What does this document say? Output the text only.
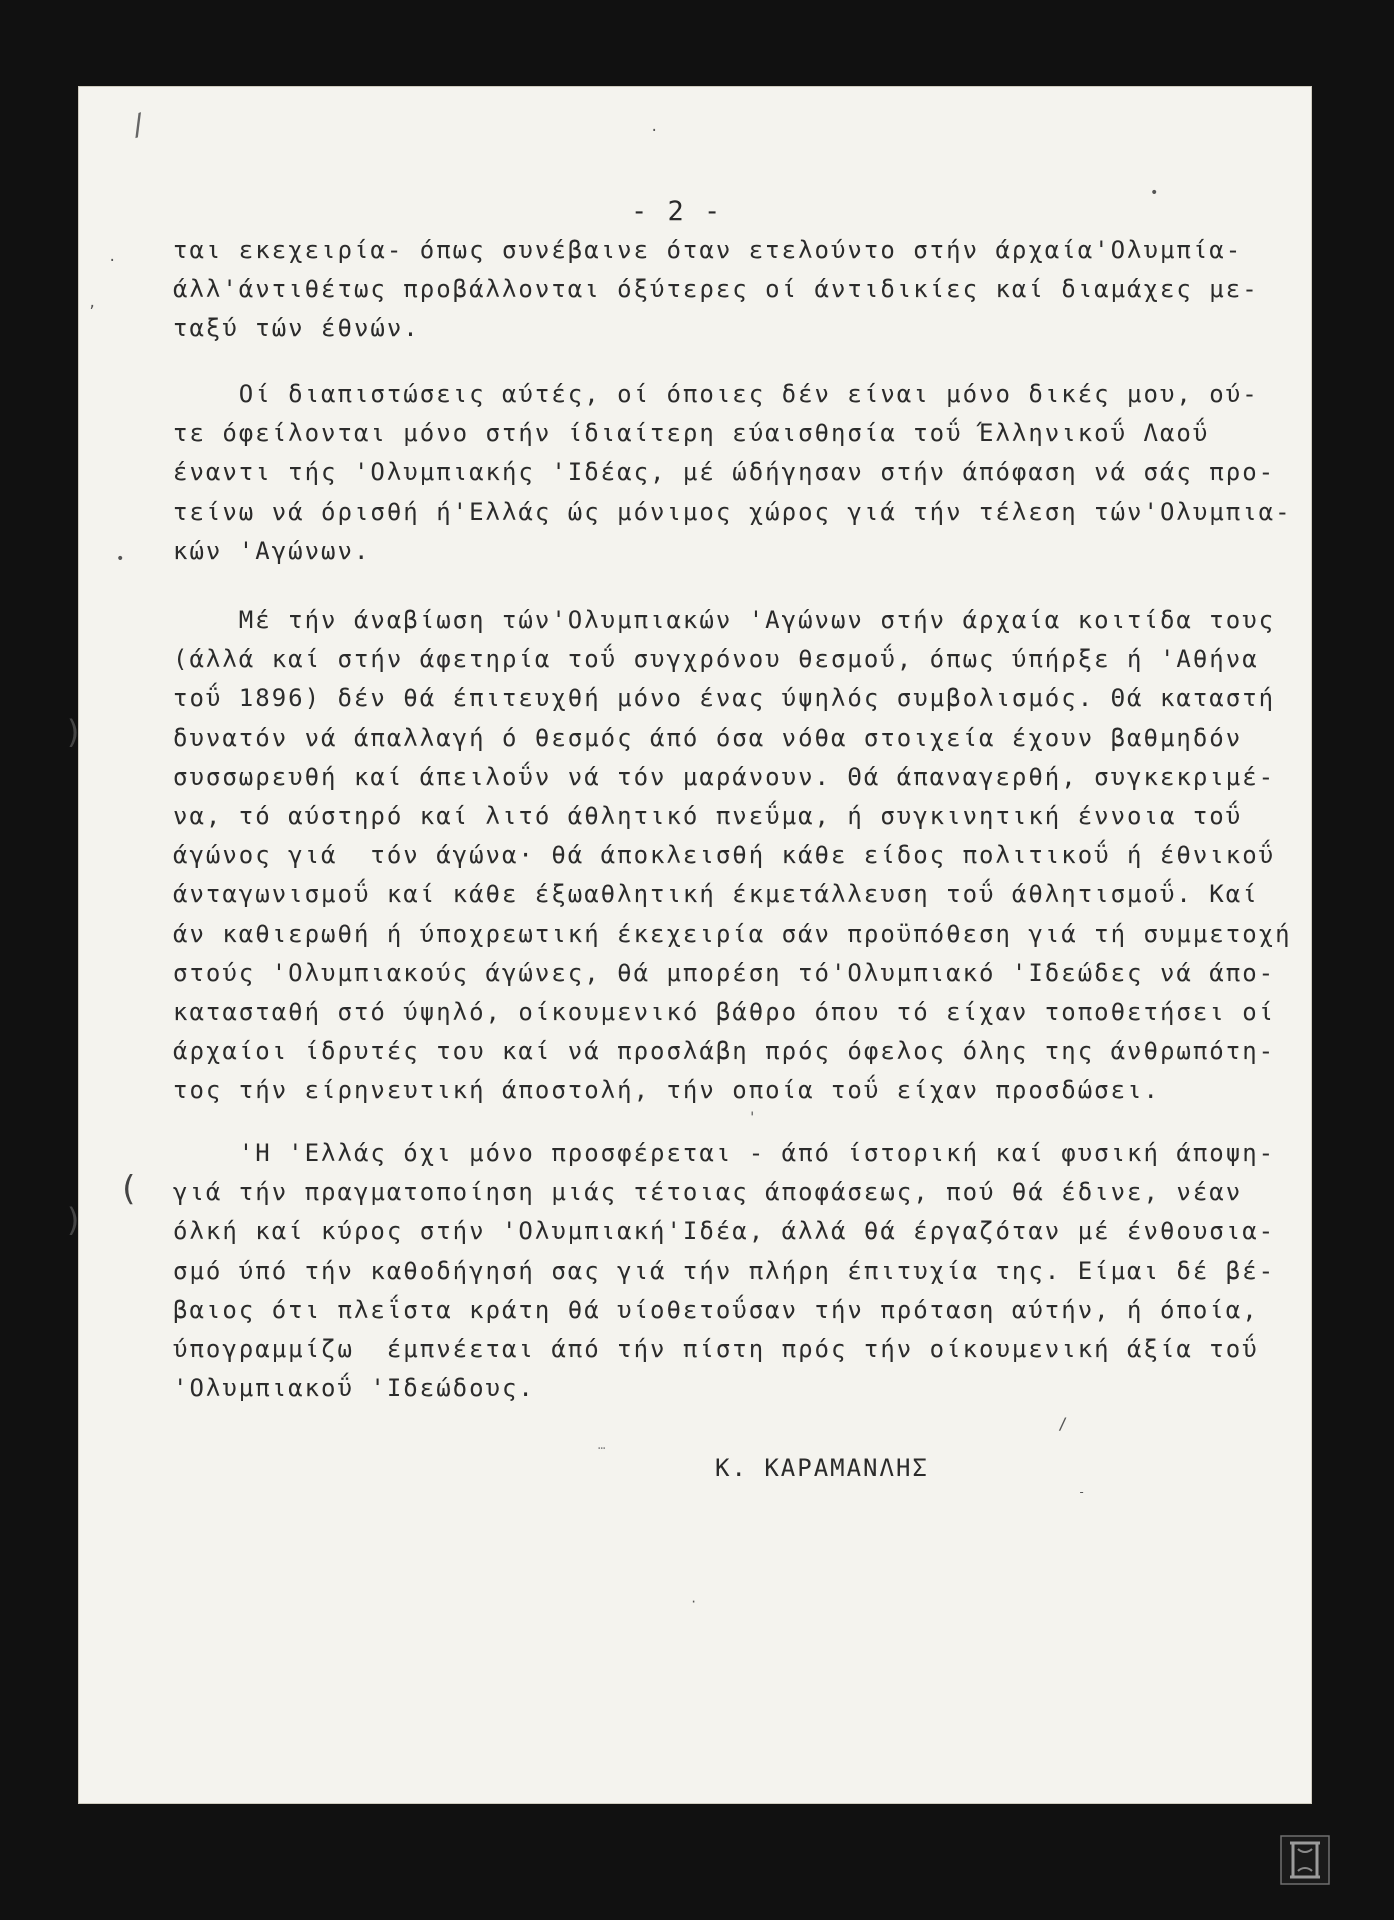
∕	·
•
·
,
•
)
)
(
'
-
/
·
⋯
- 2 -
ται εκεχειρία- όπως συνέβαινε όταν ετελούντο στήν άρχαία'Ολυμπία-
άλλ'άντιθέτως προβάλλονται όξύτερες οί άντιδικίες καί διαμάχες με-
ταξύ τών έθνών.
Οί διαπιστώσεις αύτές, οί όποιες δέν είναι μόνο δικές μου, ού-
τε όφείλονται μόνο στήν ίδιαίτερη εύαισθησία τοΰ Έλληνικοΰ Λαοΰ
έναντι τής 'Ολυμπιακής 'Ιδέας, μέ ώδήγησαν στήν άπόφαση νά σάς προ-
τείνω νά όρισθή ή'Ελλάς ώς μόνιμος χώρος γιά τήν τέλεση τών'Ολυμπια-
κών 'Αγώνων.
Μέ τήν άναβίωση τών'Ολυμπιακών 'Αγώνων στήν άρχαία κοιτίδα τους
(άλλά καί στήν άφετηρία τοΰ συγχρόνου θεσμοΰ, όπως ύπήρξε ή 'Αθήνα
τοΰ 1896) δέν θά έπιτευχθή μόνο ένας ύψηλός συμβολισμός. Θά καταστή
δυνατόν νά άπαλλαγή ό θεσμός άπό όσα νόθα στοιχεία έχουν βαθμηδόν
συσσωρευθή καί άπειλοΰν νά τόν μαράνουν. Θά άπαναγερθή, συγκεκριμέ-
να, τό αύστηρό καί λιτό άθλητικό πνεΰμα, ή συγκινητική έννοια τοΰ
άγώνος γιά  τόν άγώνα· θά άποκλεισθή κάθε είδος πολιτικοΰ ή έθνικοΰ
άνταγωνισμοΰ καί κάθε έξωαθλητική έκμετάλλευση τοΰ άθλητισμοΰ. Καί
άν καθιερωθή ή ύποχρεωτική έκεχειρία σάν προϋπόθεση γιά τή συμμετοχή
στούς 'Ολυμπιακούς άγώνες, θά μπορέση τό'Ολυμπιακό 'Ιδεώδες νά άπο-
κατασταθή στό ύψηλό, οίκουμενικό βάθρο όπου τό είχαν τοποθετήσει οί
άρχαίοι ίδρυτές του καί νά προσλάβη πρός όφελος όλης της άνθρωπότη-
τος τήν είρηνευτική άποστολή, τήν οποία τοΰ είχαν προσδώσει.
'Η 'Ελλάς όχι μόνο προσφέρεται - άπό ίστορική καί φυσική άποψη-
γιά τήν πραγματοποίηση μιάς τέτοιας άποφάσεως, πού θά έδινε, νέαν
όλκή καί κύρος στήν 'Ολυμπιακή'Ιδέα, άλλά θά έργαζόταν μέ ένθουσια-
σμό ύπό τήν καθοδήγησή σας γιά τήν πλήρη έπιτυχία της. Είμαι δέ βέ-
βαιος ότι πλεΐστα κράτη θά υίοθετοΰσαν τήν πρόταση αύτήν, ή όποία,
ύπογραμμίζω  έμπνέεται άπό τήν πίστη πρός τήν οίκουμενική άξία τοΰ
'Ολυμπιακοΰ 'Ιδεώδους.
Κ. ΚΑΡΑΜΑΝΛΗΣ
